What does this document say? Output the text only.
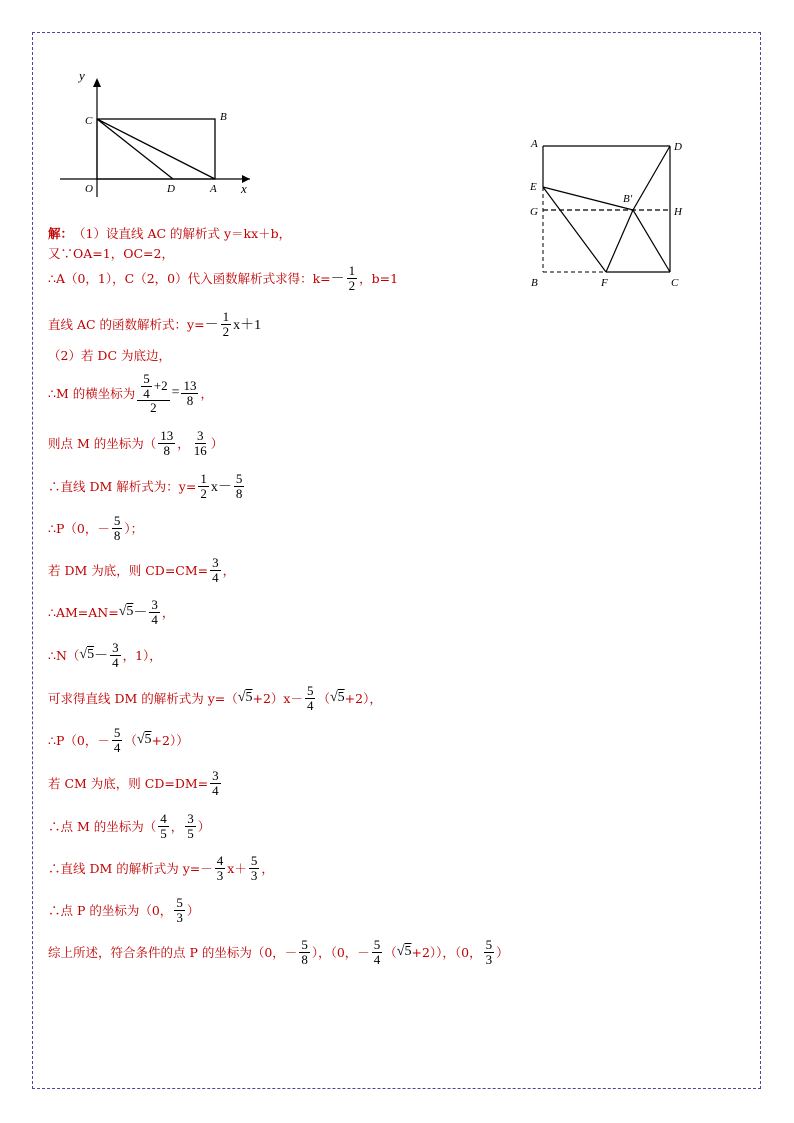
y
x
C	B
O	D	A
A	D
E
B′
G	H
B	F	C
解： （1）设直线 AC 的解析式 y＝kx＋b，
又∵OA=1，OC=2，
∴A（0，1），C（2，0）代入函数解析式求得：$k= - \frac{1}{2}$ ，b=1
直线 AC 的函数解析式：$y= - \frac{1}{2} x+1$
（2）若 DC 为底边，
∴M 的横坐标为 $\frac{\frac{5}{4} +2}{2} = \frac{13}{8}$ ，
则点 M 的坐标为（ $\frac{13}{8}$ ， $\frac{3}{16}$ ）
∴直线 DM 解析式为：$y= \frac{1}{2} x- \frac{5}{8}$
∴P（0，－ $\frac{5}{8}$ ）；
若 DM 为底，则 $CD=CM= \frac{3}{4}$ ，
∴AM=AN= $√5 - \frac{3}{4}$ ，
∴N（ $√5 - \frac{3}{4}$ ，1），
可求得直线 DM 的解析式为 y=（ $√5 +2)x- \frac{5}{4}$ （ √5 +2），
∴P（0，－ $\frac{5}{4}$ （ √5 +2））
若 CM 为底，则 $CD=DM= \frac{3}{4}$
∴点 M 的坐标为（ $\frac{4}{5}$ ， $\frac{3}{5}$ ）
∴直线 DM 的解析式为 $y=- \frac{4}{3} x+ \frac{5}{3}$ ，
∴点 P 的坐标为（0， $\frac{5}{3}$ ）
综上所述，符合条件的点 P 的坐标为（0，－ $\frac{5}{8}$ ），（0，－ $\frac{5}{4}$ （ √5 +2）），（0， $\frac{5}{3}$ ）
